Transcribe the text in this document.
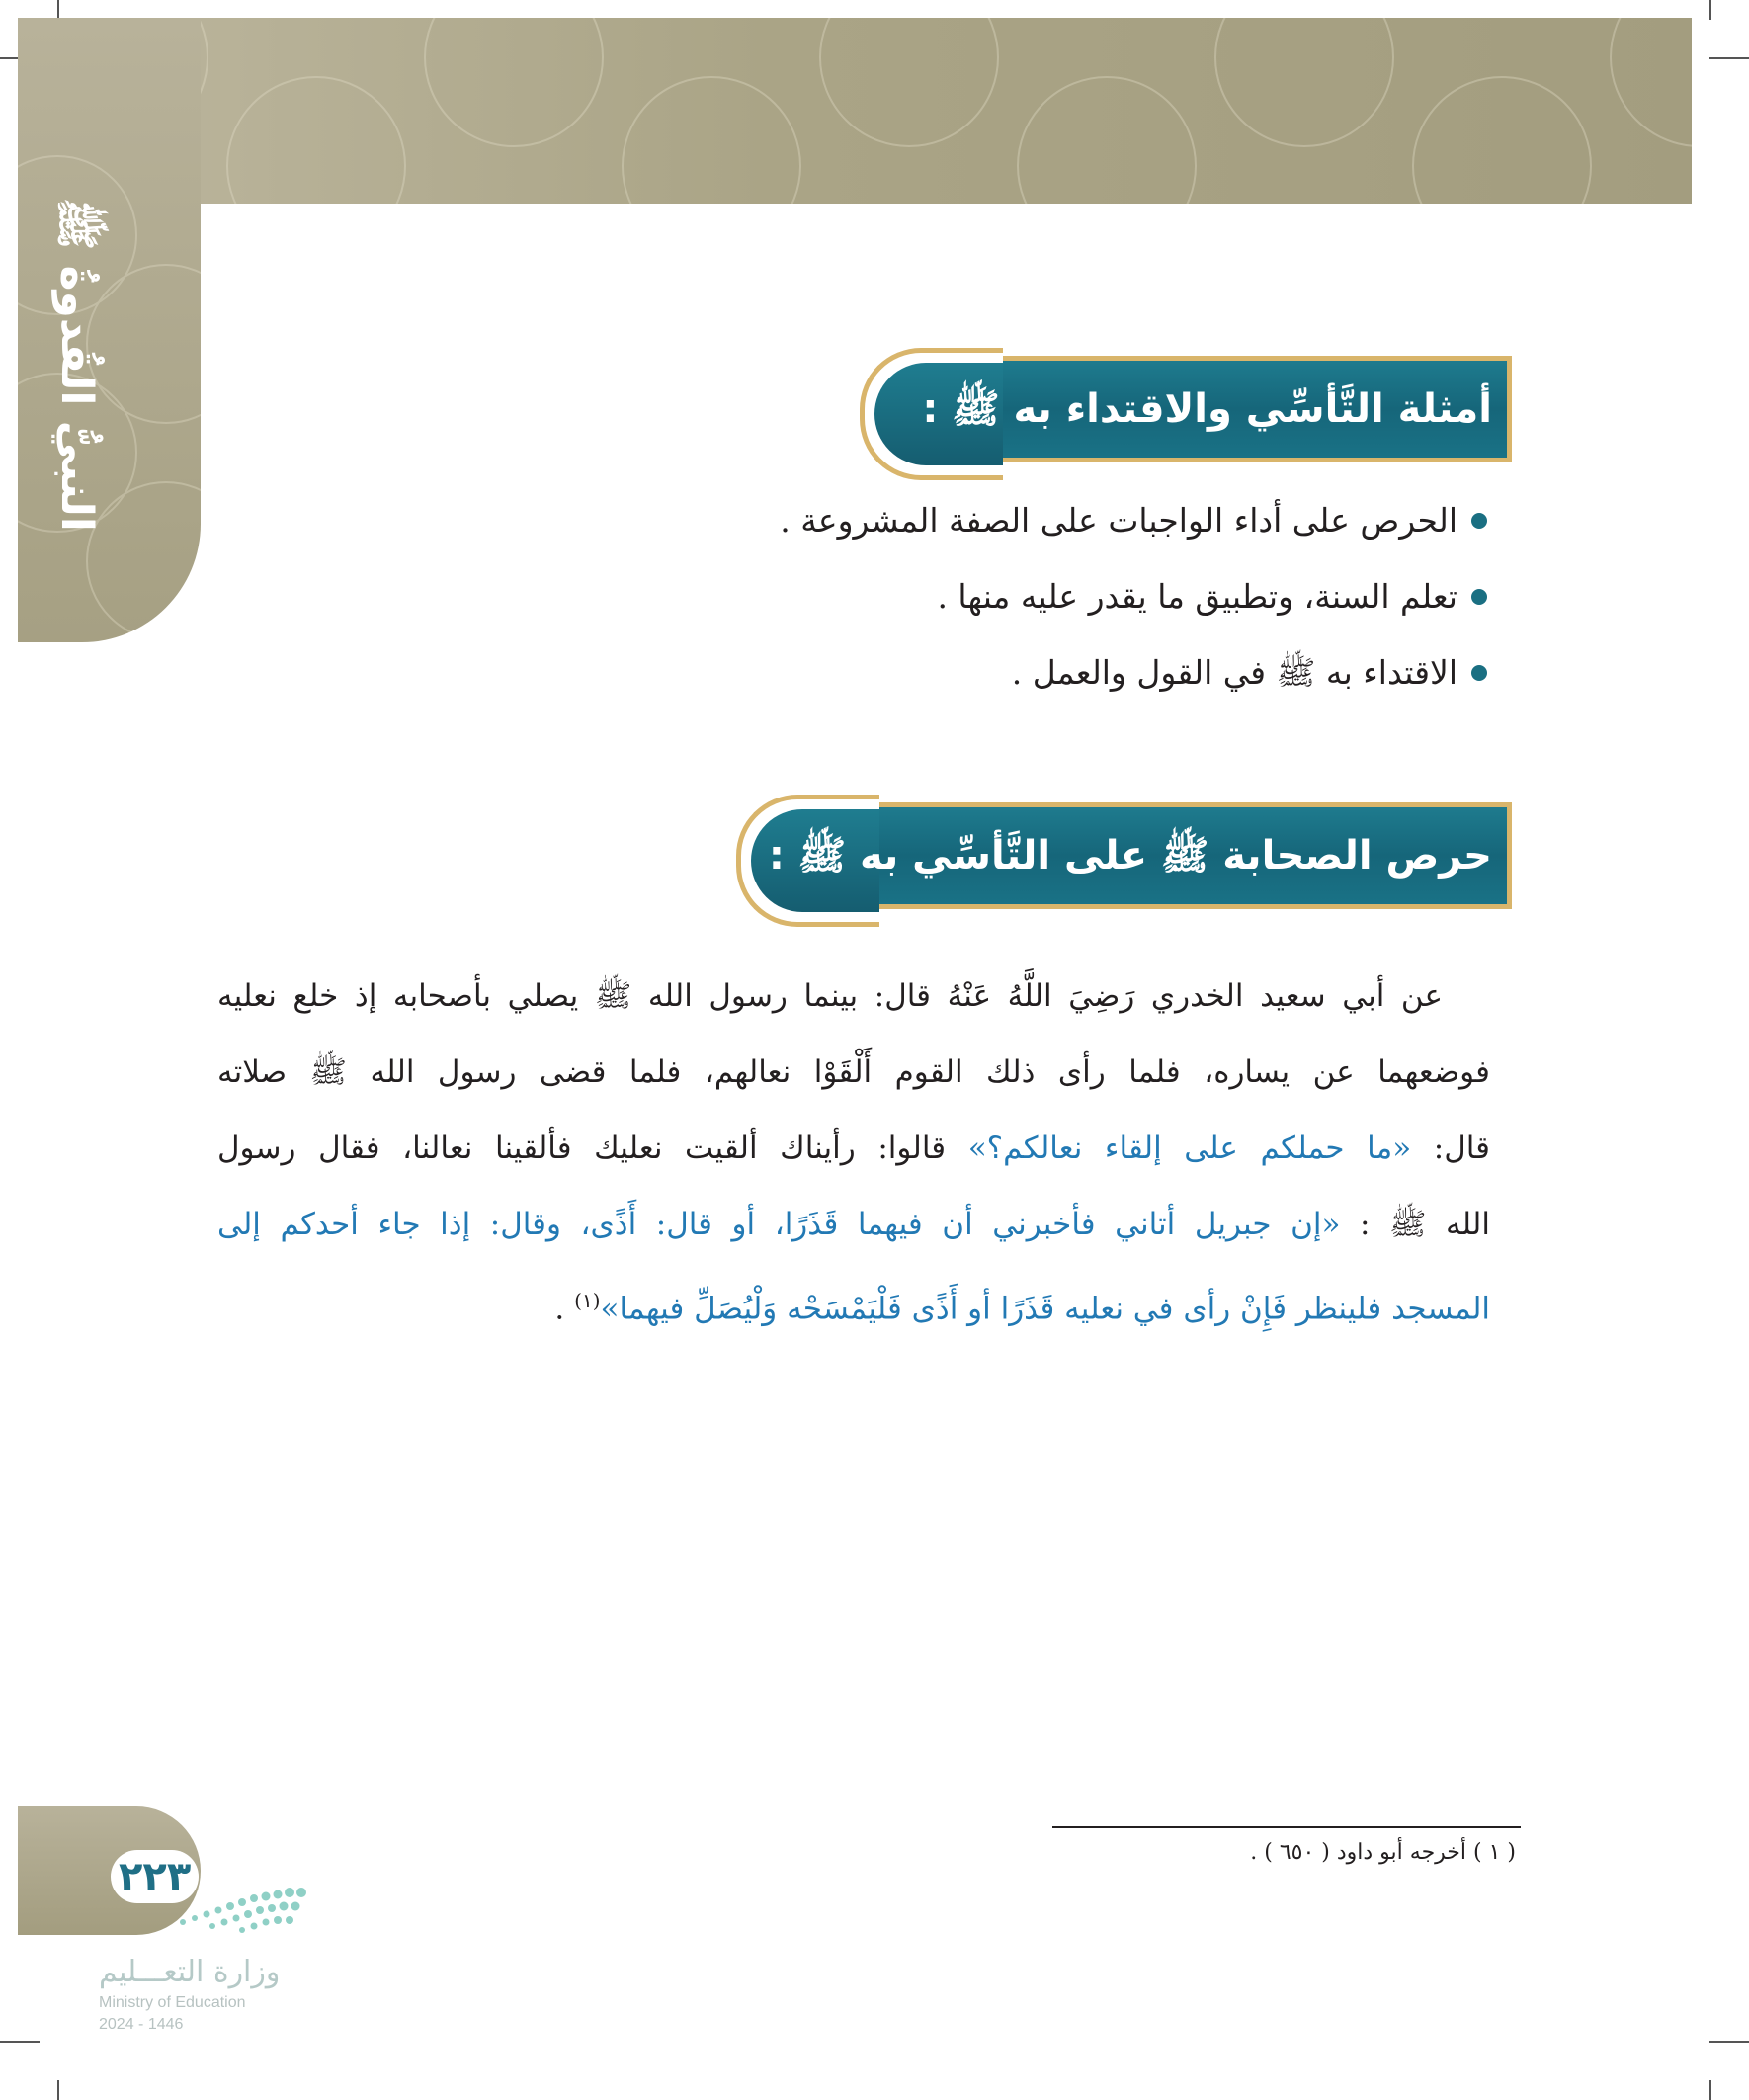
النبيُّ القُدوةُ ﷺ	أمثلة التَّأسِّي والاقتداء به ﷺ :
الحرص على أداء الواجبات على الصفة المشروعة .
تعلم السنة، وتطبيق ما يقدر عليه منها .
الاقتداء به ﷺ في القول والعمل .
حرص الصحابة ﷺ على التَّأسِّي به ﷺ :
عن أبي سعيد الخدري رَضِيَ اللَّهُ عَنْهُ قال: بينما رسول الله ﷺ يصلي بأصحابه إذ خلع نعليه
فوضعهما عن يساره، فلما رأى ذلك القوم أَلْقَوْا نعالهم، فلما قضى رسول الله ﷺ صلاته
قال: «ما حملكم على إلقاء نعالكم؟» قالوا: رأيناك ألقيت نعليك فألقينا نعالنا، فقال رسول
الله ﷺ : «إن جبريل أتاني فأخبرني أن فيهما قَذَرًا، أو قال: أَذًى، وقال: إذا جاء أحدكم إلى
المسجد فلينظر فَإِنْ رأى في نعليه قَذَرًا أو أَذًى فَلْيَمْسَحْه وَلْيُصَلِّ فيهما»$^{(١)}$ .
( ١ ) أخرجه أبو داود ( ٦٥٠ ) .
٢٢٣
وزارة التعـــليم
Ministry of Education
2024 - 1446
